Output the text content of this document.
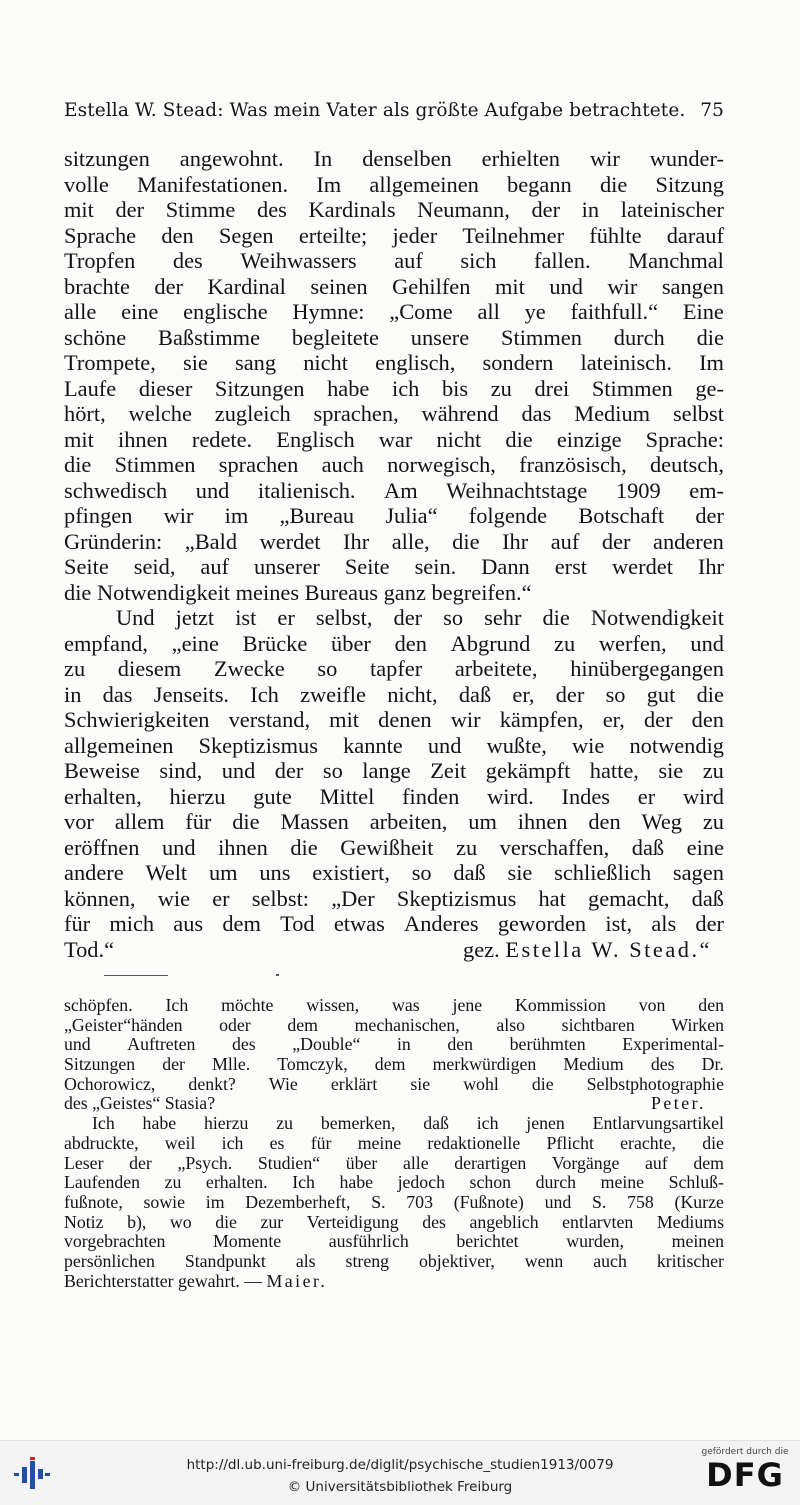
Estella W. Stead: Was mein Vater als größte Aufgabe betrachtete. 75
sitzungen angewohnt. In denselben erhielten wir wunder-
volle Manifestationen. Im allgemeinen begann die Sitzung
mit der Stimme des Kardinals Neumann, der in lateinischer
Sprache den Segen erteilte; jeder Teilnehmer fühlte darauf
Tropfen des Weihwassers auf sich fallen. Manchmal
brachte der Kardinal seinen Gehilfen mit und wir sangen
alle eine englische Hymne: „Come all ye faithfull.“ Eine
schöne Baßstimme begleitete unsere Stimmen durch die
Trompete, sie sang nicht englisch, sondern lateinisch. Im
Laufe dieser Sitzungen habe ich bis zu drei Stimmen ge-
hört, welche zugleich sprachen, während das Medium selbst
mit ihnen redete. Englisch war nicht die einzige Sprache:
die Stimmen sprachen auch norwegisch, französisch, deutsch,
schwedisch und italienisch. Am Weihnachtstage 1909 em-
pfingen wir im „Bureau Julia“ folgende Botschaft der
Gründerin: „Bald werdet Ihr alle, die Ihr auf der anderen
Seite seid, auf unserer Seite sein. Dann erst werdet Ihr
die Notwendigkeit meines Bureaus ganz begreifen.“
Und jetzt ist er selbst, der so sehr die Notwendigkeit
empfand, „eine Brücke über den Abgrund zu werfen, und
zu diesem Zwecke so tapfer arbeitete, hinübergegangen
in das Jenseits. Ich zweifle nicht, daß er, der so gut die
Schwierigkeiten verstand, mit denen wir kämpfen, er, der den
allgemeinen Skeptizismus kannte und wußte, wie notwendig
Beweise sind, und der so lange Zeit gekämpft hatte, sie zu
erhalten, hierzu gute Mittel finden wird. Indes er wird
vor allem für die Massen arbeiten, um ihnen den Weg zu
eröffnen und ihnen die Gewißheit zu verschaffen, daß eine
andere Welt um uns existiert, so daß sie schließlich sagen
können, wie er selbst: „Der Skeptizismus hat gemacht, daß
für mich aus dem Tod etwas Anderes geworden ist, als der
Tod.“	gez. Estella W. Stead.“
schöpfen. Ich möchte wissen, was jene Kommission von den
„Geister“händen oder dem mechanischen, also sichtbaren Wirken
und Auftreten des „Double“ in den berühmten Experimental-
Sitzungen der Mlle. Tomczyk, dem merkwürdigen Medium des Dr.
Ochorowicz, denkt? Wie erklärt sie wohl die Selbstphotographie
des „Geistes“ Stasia?	Peter.
Ich habe hierzu zu bemerken, daß ich jenen Entlarvungsartikel
abdruckte, weil ich es für meine redaktionelle Pflicht erachte, die
Leser der „Psych. Studien“ über alle derartigen Vorgänge auf dem
Laufenden zu erhalten. Ich habe jedoch schon durch meine Schluß-
fußnote, sowie im Dezemberheft, S. 703 (Fußnote) und S. 758 (Kurze
Notiz b), wo die zur Verteidigung des angeblich entlarvten Mediums
vorgebrachten	Momente	ausführlich	berichtet	wurden,	meinen
persönlichen Standpunkt als streng objektiver, wenn auch kritischer
Berichterstatter gewahrt. —
Maier.
http://dl.ub.uni-freiburg.de/diglit/psychische_studien1913/0079
© Universitätsbibliothek Freiburg
gefördert durch die
DFG
